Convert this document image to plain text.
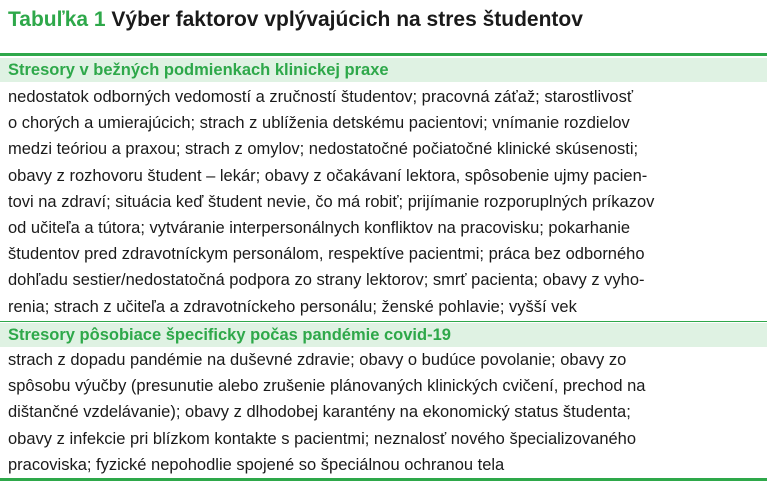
Tabuľka 1 Výber faktorov vplývajúcich na stres študentov
Stresory v bežných podmienkach klinickej praxe
nedostatok odborných vedomostí a zručností študentov; pracovná záťaž; starostlivosť
o chorých a umierajúcich; strach z ublíženia detskému pacientovi; vnímanie rozdielov
medzi teóriou a praxou; strach z omylov; nedostatočné počiatočné klinické skúsenosti;
obavy z rozhovoru študent – lekár; obavy z očakávaní lektora, spôsobenie ujmy pacien-
tovi na zdraví; situácia keď študent nevie, čo má robiť; prijímanie rozporuplných príkazov
od učiteľa a tútora; vytváranie interpersonálnych konfliktov na pracovisku; pokarhanie
študentov pred zdravotníckym personálom, respektíve pacientmi; práca bez odborného
dohľadu sestier/nedostatočná podpora zo strany lektorov; smrť pacienta; obavy z vyho-
renia; strach z učiteľa a zdravotníckeho personálu; ženské pohlavie; vyšší vek
Stresory pôsobiace špecificky počas pandémie covid-19
strach z dopadu pandémie na duševné zdravie; obavy o budúce povolanie; obavy zo
spôsobu výučby (presunutie alebo zrušenie plánovaných klinických cvičení, prechod na
dištančné vzdelávanie); obavy z dlhodobej karantény na ekonomický status študenta;
obavy z infekcie pri blízkom kontakte s pacientmi; neznalosť nového špecializovaného
pracoviska; fyzické nepohodlie spojené so špeciálnou ochranou tela
